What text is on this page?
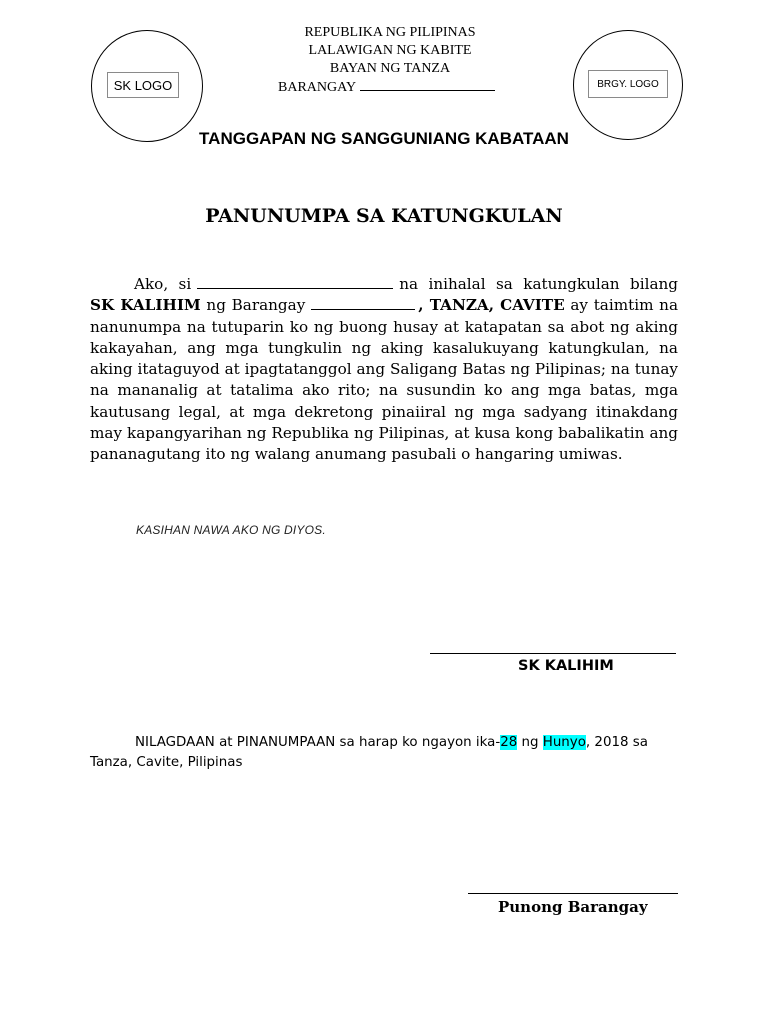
SK LOGO	BRGY. LOGO
REPUBLIKA NG PILIPINAS
LALAWIGAN NG KABITE
BAYAN NG TANZA
BARANGAY
TANGGAPAN NG SANGGUNIANG KABATAAN
PANUNUMPA SA KATUNGKULAN
Ako, si	na inihalal sa katungkulan bilang SK KALIHIM ng Barangay	, TANZA, CAVITE ay taimtim na nanunumpa na tutuparin ko ng buong husay at katapatan sa abot ng aking kakayahan, ang mga tungkulin ng aking kasalukuyang katungkulan, na aking itataguyod at ipagtatanggol ang Saligang Batas ng Pilipinas; na tunay na mananalig at tatalima ako rito; na susundin ko ang mga batas, mga kautusang legal, at mga dekretong pinaiiral ng mga sadyang itinakdang may kapangyarihan ng Republika ng Pilipinas, at kusa kong babalikatin ang pananagutang ito ng walang anumang pasubali o hangaring umiwas.
KASIHAN NAWA AKO NG DIYOS.
SK KALIHIM
NILAGDAAN at PINANUMPAAN sa harap ko ngayon ika-28 ng Hunyo, 2018 sa Tanza, Cavite, Pilipinas
Punong Barangay
